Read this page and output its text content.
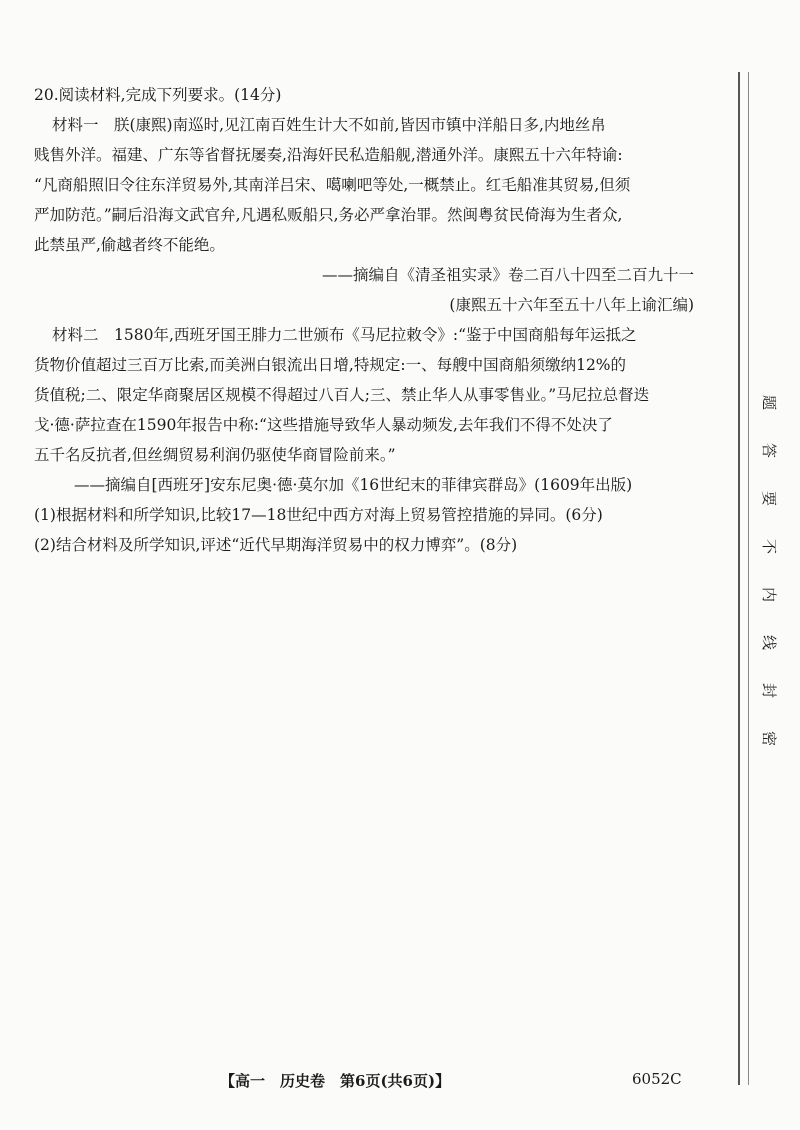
20.阅读材料,完成下列要求。(14分)
材料一　朕(康熙)南巡时,见江南百姓生计大不如前,皆因市镇中洋船日多,内地丝帛
贱售外洋。福建、广东等省督抚屡奏,沿海奸民私造船舰,潜通外洋。康熙五十六年特谕:
“凡商船照旧令往东洋贸易外,其南洋吕宋、噶喇吧等处,一概禁止。红毛船准其贸易,但须
严加防范。”嗣后沿海文武官弁,凡遇私贩船只,务必严拿治罪。然闽粤贫民倚海为生者众,
此禁虽严,偷越者终不能绝。
——摘编自《清圣祖实录》卷二百八十四至二百九十一
(康熙五十六年至五十八年上谕汇编)
材料二　1580年,西班牙国王腓力二世颁布《马尼拉敕令》:“鉴于中国商船每年运抵之
货物价值超过三百万比索,而美洲白银流出日增,特规定:一、每艘中国商船须缴纳12%的
货值税;二、限定华商聚居区规模不得超过八百人;三、禁止华人从事零售业。”马尼拉总督迭
戈·德·萨拉查在1590年报告中称:“这些措施导致华人暴动频发,去年我们不得不处决了
五千名反抗者,但丝绸贸易利润仍驱使华商冒险前来。”
——摘编自[西班牙]安东尼奥·德·莫尔加《16世纪末的菲律宾群岛》(1609年出版)
(1)根据材料和所学知识,比较17—18世纪中西方对海上贸易管控措施的异同。(6分)
(2)结合材料及所学知识,评述“近代早期海洋贸易中的权力博弈”。(8分)
题
答
要
不
内
线
封
密
【高一　历史卷　第6页(共6页)】	6052C
